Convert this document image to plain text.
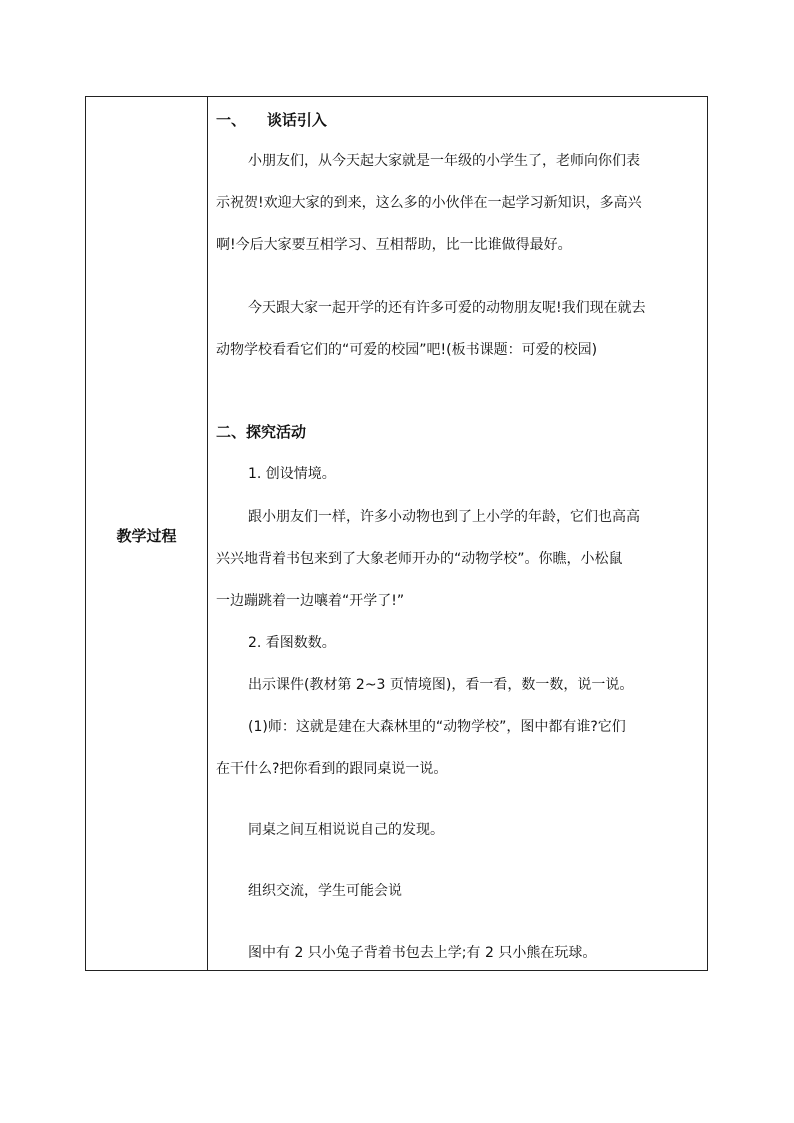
教学过程
一、    谈话引入
小朋友们，从今天起大家就是一年级的小学生了，老师向你们表
示祝贺!欢迎大家的到来，这么多的小伙伴在一起学习新知识，多高兴
啊!今后大家要互相学习、互相帮助，比一比谁做得最好。
今天跟大家一起开学的还有许多可爱的动物朋友呢!我们现在就去
动物学校看看它们的“可爱的校园”吧!(板书课题：可爱的校园)
二、探究活动
1. 创设情境。
跟小朋友们一样，许多小动物也到了上小学的年龄，它们也高高
兴兴地背着书包来到了大象老师开办的“动物学校”。你瞧，小松鼠
一边蹦跳着一边嚷着“开学了!”
2. 看图数数。
出示课件(教材第 2~3 页情境图)，看一看，数一数，说一说。
(1)师：这就是建在大森林里的“动物学校”，图中都有谁?它们
在干什么?把你看到的跟同桌说一说。
同桌之间互相说说自己的发现。
组织交流，学生可能会说
图中有 2 只小兔子背着书包去上学;有 2 只小熊在玩球。
